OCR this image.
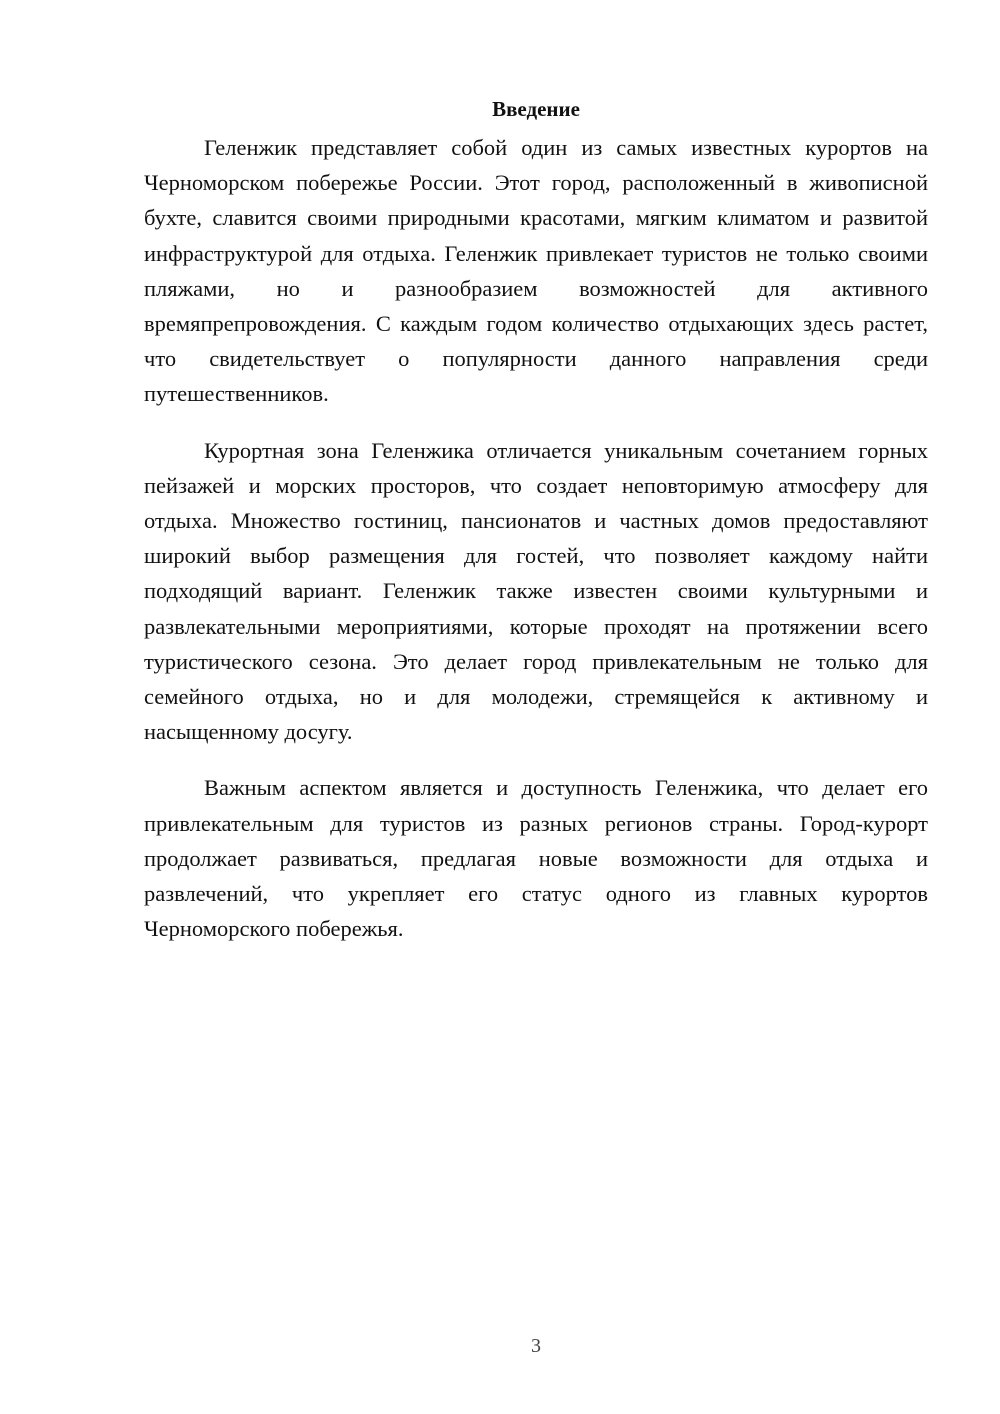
Введение

Геленжик представляет собой один из самых известных курортов на Черноморском побережье России. Этот город, расположенный в живописной бухте, славится своими природными красотами, мягким климатом и развитой инфраструктурой для отдыха. Геленжик привлекает туристов не только своими пляжами, но и разнообразием возможностей для активного времяпрепровождения. С каждым годом количество отдыхающих здесь растет, что свидетельствует о популярности данного направления среди путешественников.

Курортная зона Геленжика отличается уникальным сочетанием горных пейзажей и морских просторов, что создает неповторимую атмосферу для отдыха. Множество гостиниц, пансионатов и частных домов предоставляют широкий выбор размещения для гостей, что позволяет каждому найти подходящий вариант. Геленжик также известен своими культурными и развлекательными мероприятиями, которые проходят на протяжении всего туристического сезона. Это делает город привлекательным не только для семейного отдыха, но и для молодежи, стремящейся к активному и насыщенному досугу.

Важным аспектом является и доступность Геленжика, что делает его привлекательным для туристов из разных регионов страны. Город-курорт продолжает развиваться, предлагая новые возможности для отдыха и развлечений, что укрепляет его статус одного из главных курортов Черноморского побережья.

3
